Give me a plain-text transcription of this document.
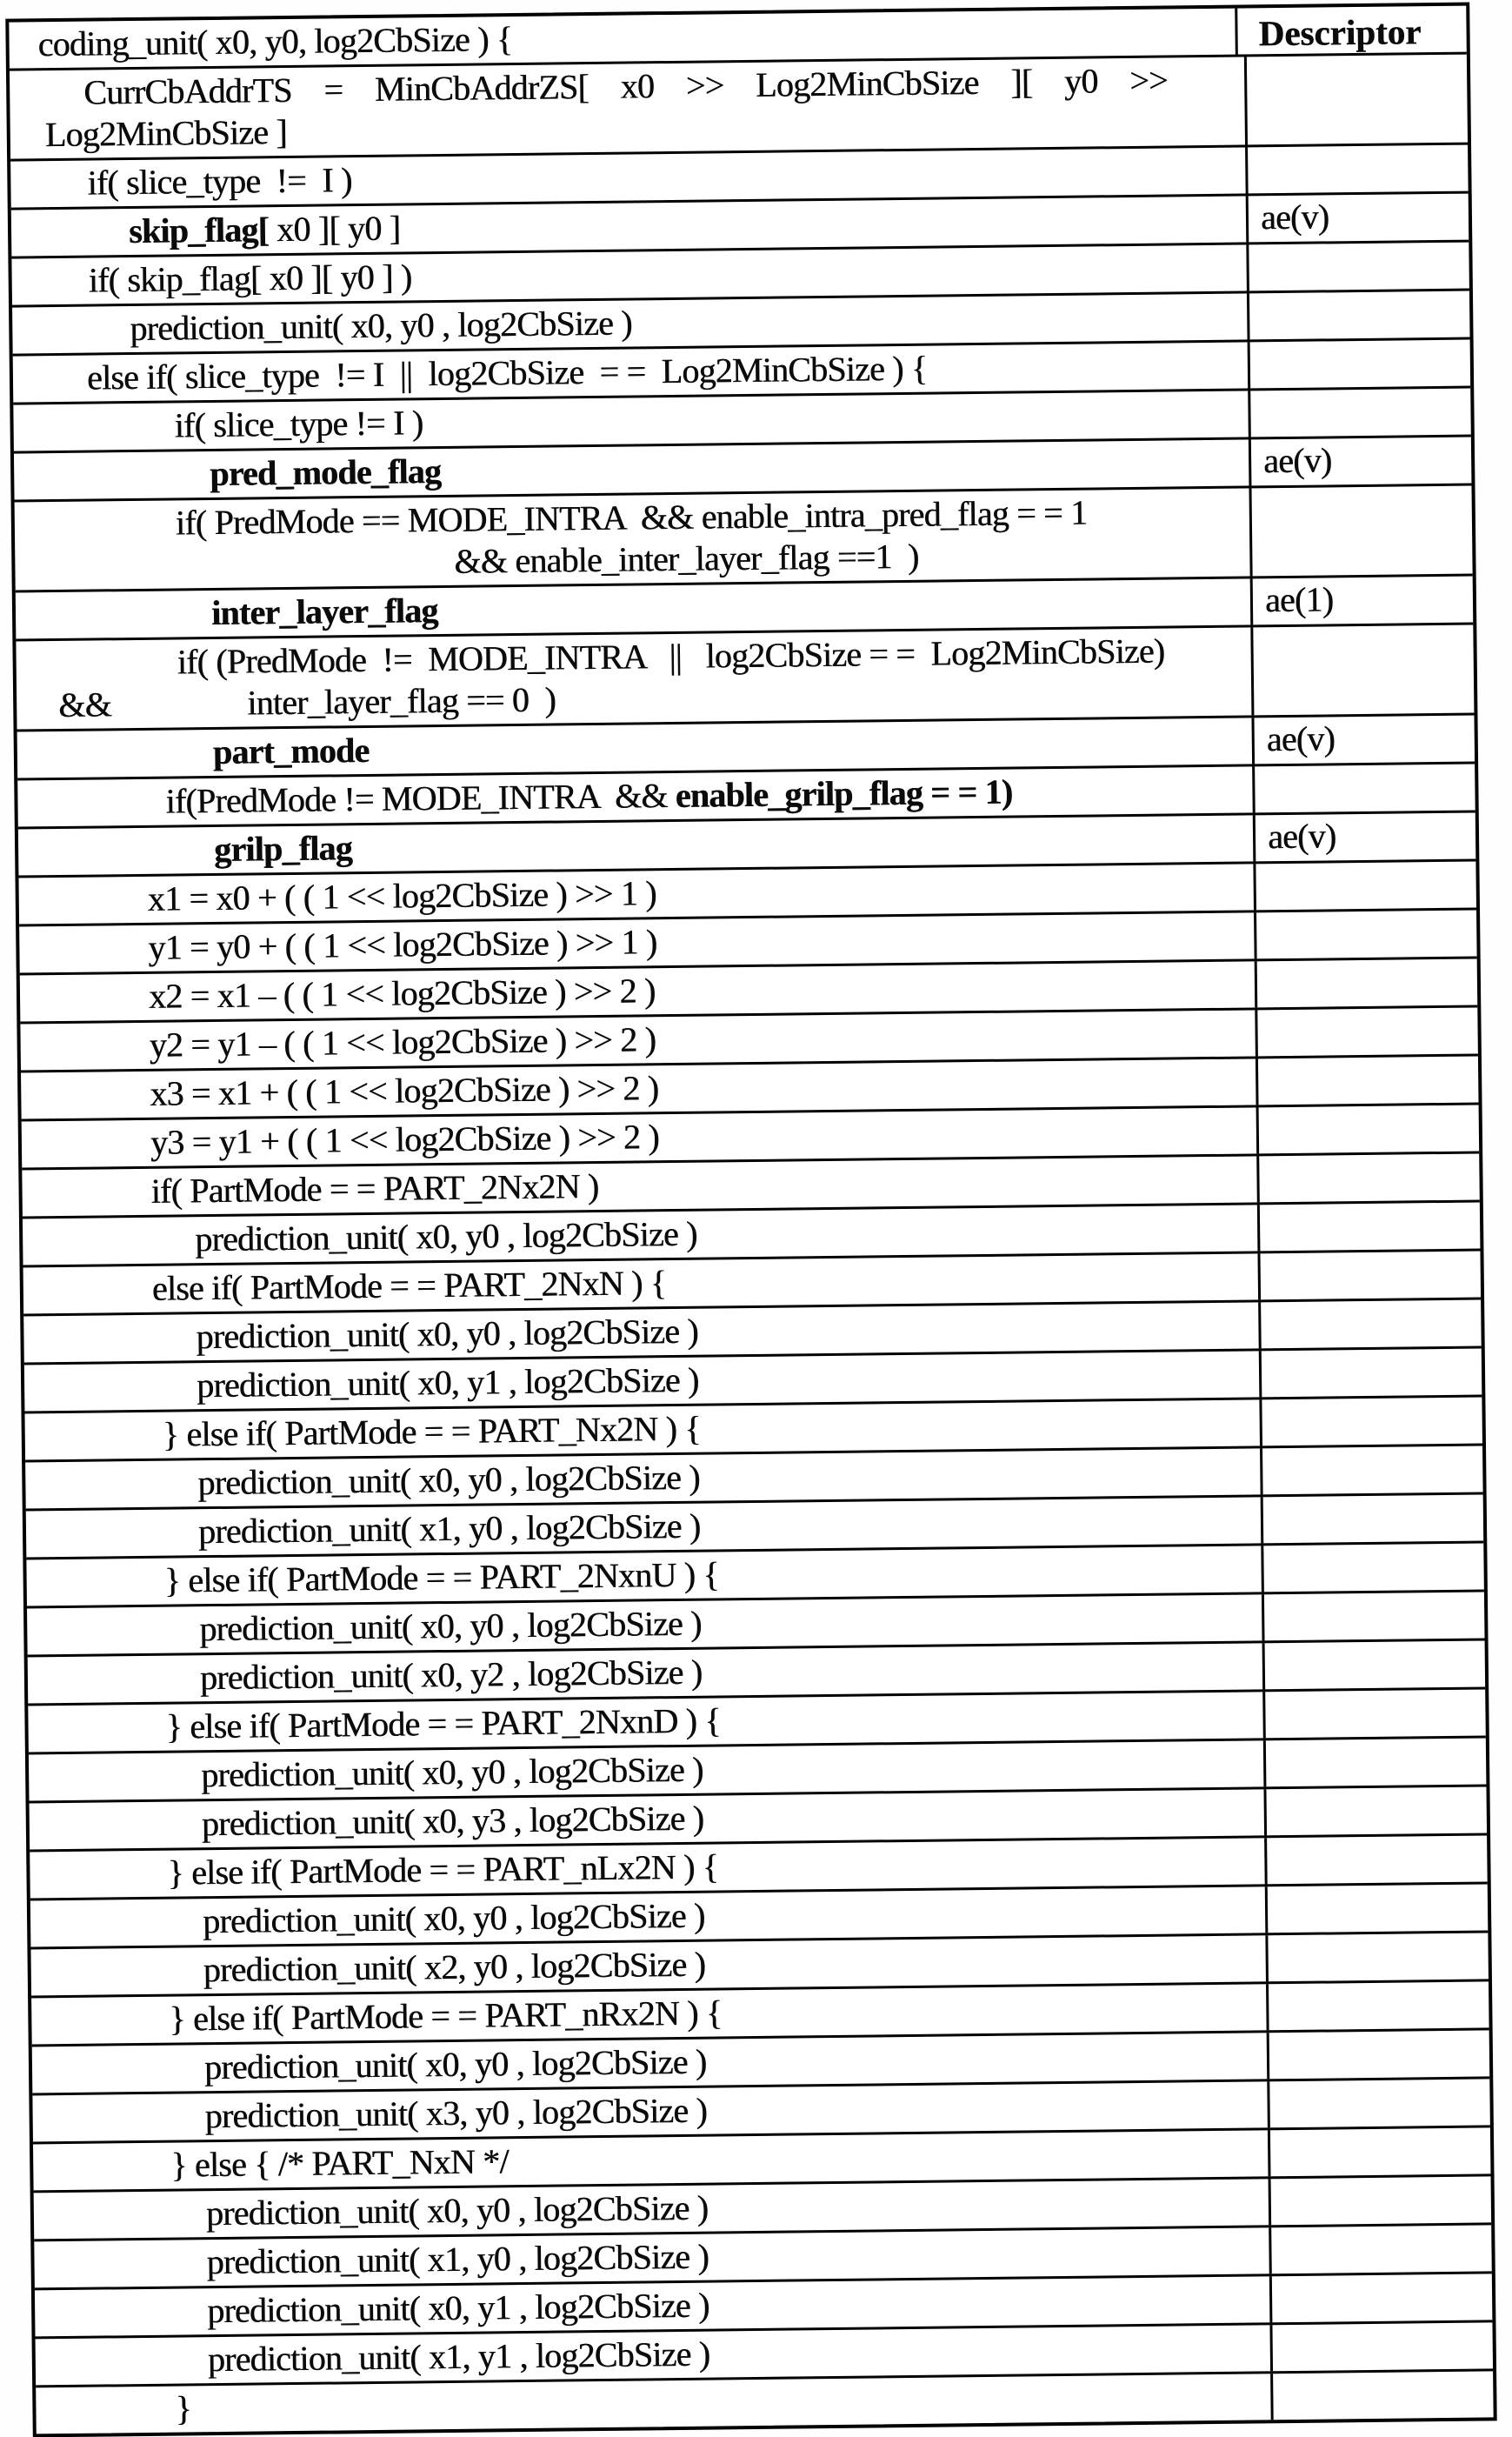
coding_unit( x0, y0, log2CbSize ) {	Descriptor
CurrCbAddrTS    =    MinCbAddrZS[    x0    >>    Log2MinCbSize    ][    y0    >>
Log2MinCbSize ]
if( slice_type  !=  I )
skip_flag[ x0 ][ y0 ]	ae(v)
if( skip_flag[ x0 ][ y0 ] )
prediction_unit( x0, y0 , log2CbSize )
else if( slice_type  != I  ||  log2CbSize  = =  Log2MinCbSize ) {
if( slice_type != I )
pred_mode_flag	ae(v)
if( PredMode == MODE_INTRA  && enable_intra_pred_flag = = 1
&& enable_inter_layer_flag ==1  )
inter_layer_flag	ae(1)
if( (PredMode  !=  MODE_INTRA   ||   log2CbSize = =  Log2MinCbSize)
&&                 inter_layer_flag == 0  )
part_mode	ae(v)
if(PredMode != MODE_INTRA  && enable_grilp_flag = = 1)
grilp_flag	ae(v)
x1 = x0 + ( ( 1 << log2CbSize ) >> 1 )
y1 = y0 + ( ( 1 << log2CbSize ) >> 1 )
x2 = x1 – ( ( 1 << log2CbSize ) >> 2 )
y2 = y1 – ( ( 1 << log2CbSize ) >> 2 )
x3 = x1 + ( ( 1 << log2CbSize ) >> 2 )
y3 = y1 + ( ( 1 << log2CbSize ) >> 2 )
if( PartMode = = PART_2Nx2N )
prediction_unit( x0, y0 , log2CbSize )
else if( PartMode = = PART_2NxN ) {
prediction_unit( x0, y0 , log2CbSize )
prediction_unit( x0, y1 , log2CbSize )
} else if( PartMode = = PART_Nx2N ) {
prediction_unit( x0, y0 , log2CbSize )
prediction_unit( x1, y0 , log2CbSize )
} else if( PartMode = = PART_2NxnU ) {
prediction_unit( x0, y0 , log2CbSize )
prediction_unit( x0, y2 , log2CbSize )
} else if( PartMode = = PART_2NxnD ) {
prediction_unit( x0, y0 , log2CbSize )
prediction_unit( x0, y3 , log2CbSize )
} else if( PartMode = = PART_nLx2N ) {
prediction_unit( x0, y0 , log2CbSize )
prediction_unit( x2, y0 , log2CbSize )
} else if( PartMode = = PART_nRx2N ) {
prediction_unit( x0, y0 , log2CbSize )
prediction_unit( x3, y0 , log2CbSize )
} else { /* PART_NxN */
prediction_unit( x0, y0 , log2CbSize )
prediction_unit( x1, y0 , log2CbSize )
prediction_unit( x0, y1 , log2CbSize )
prediction_unit( x1, y1 , log2CbSize )
}
